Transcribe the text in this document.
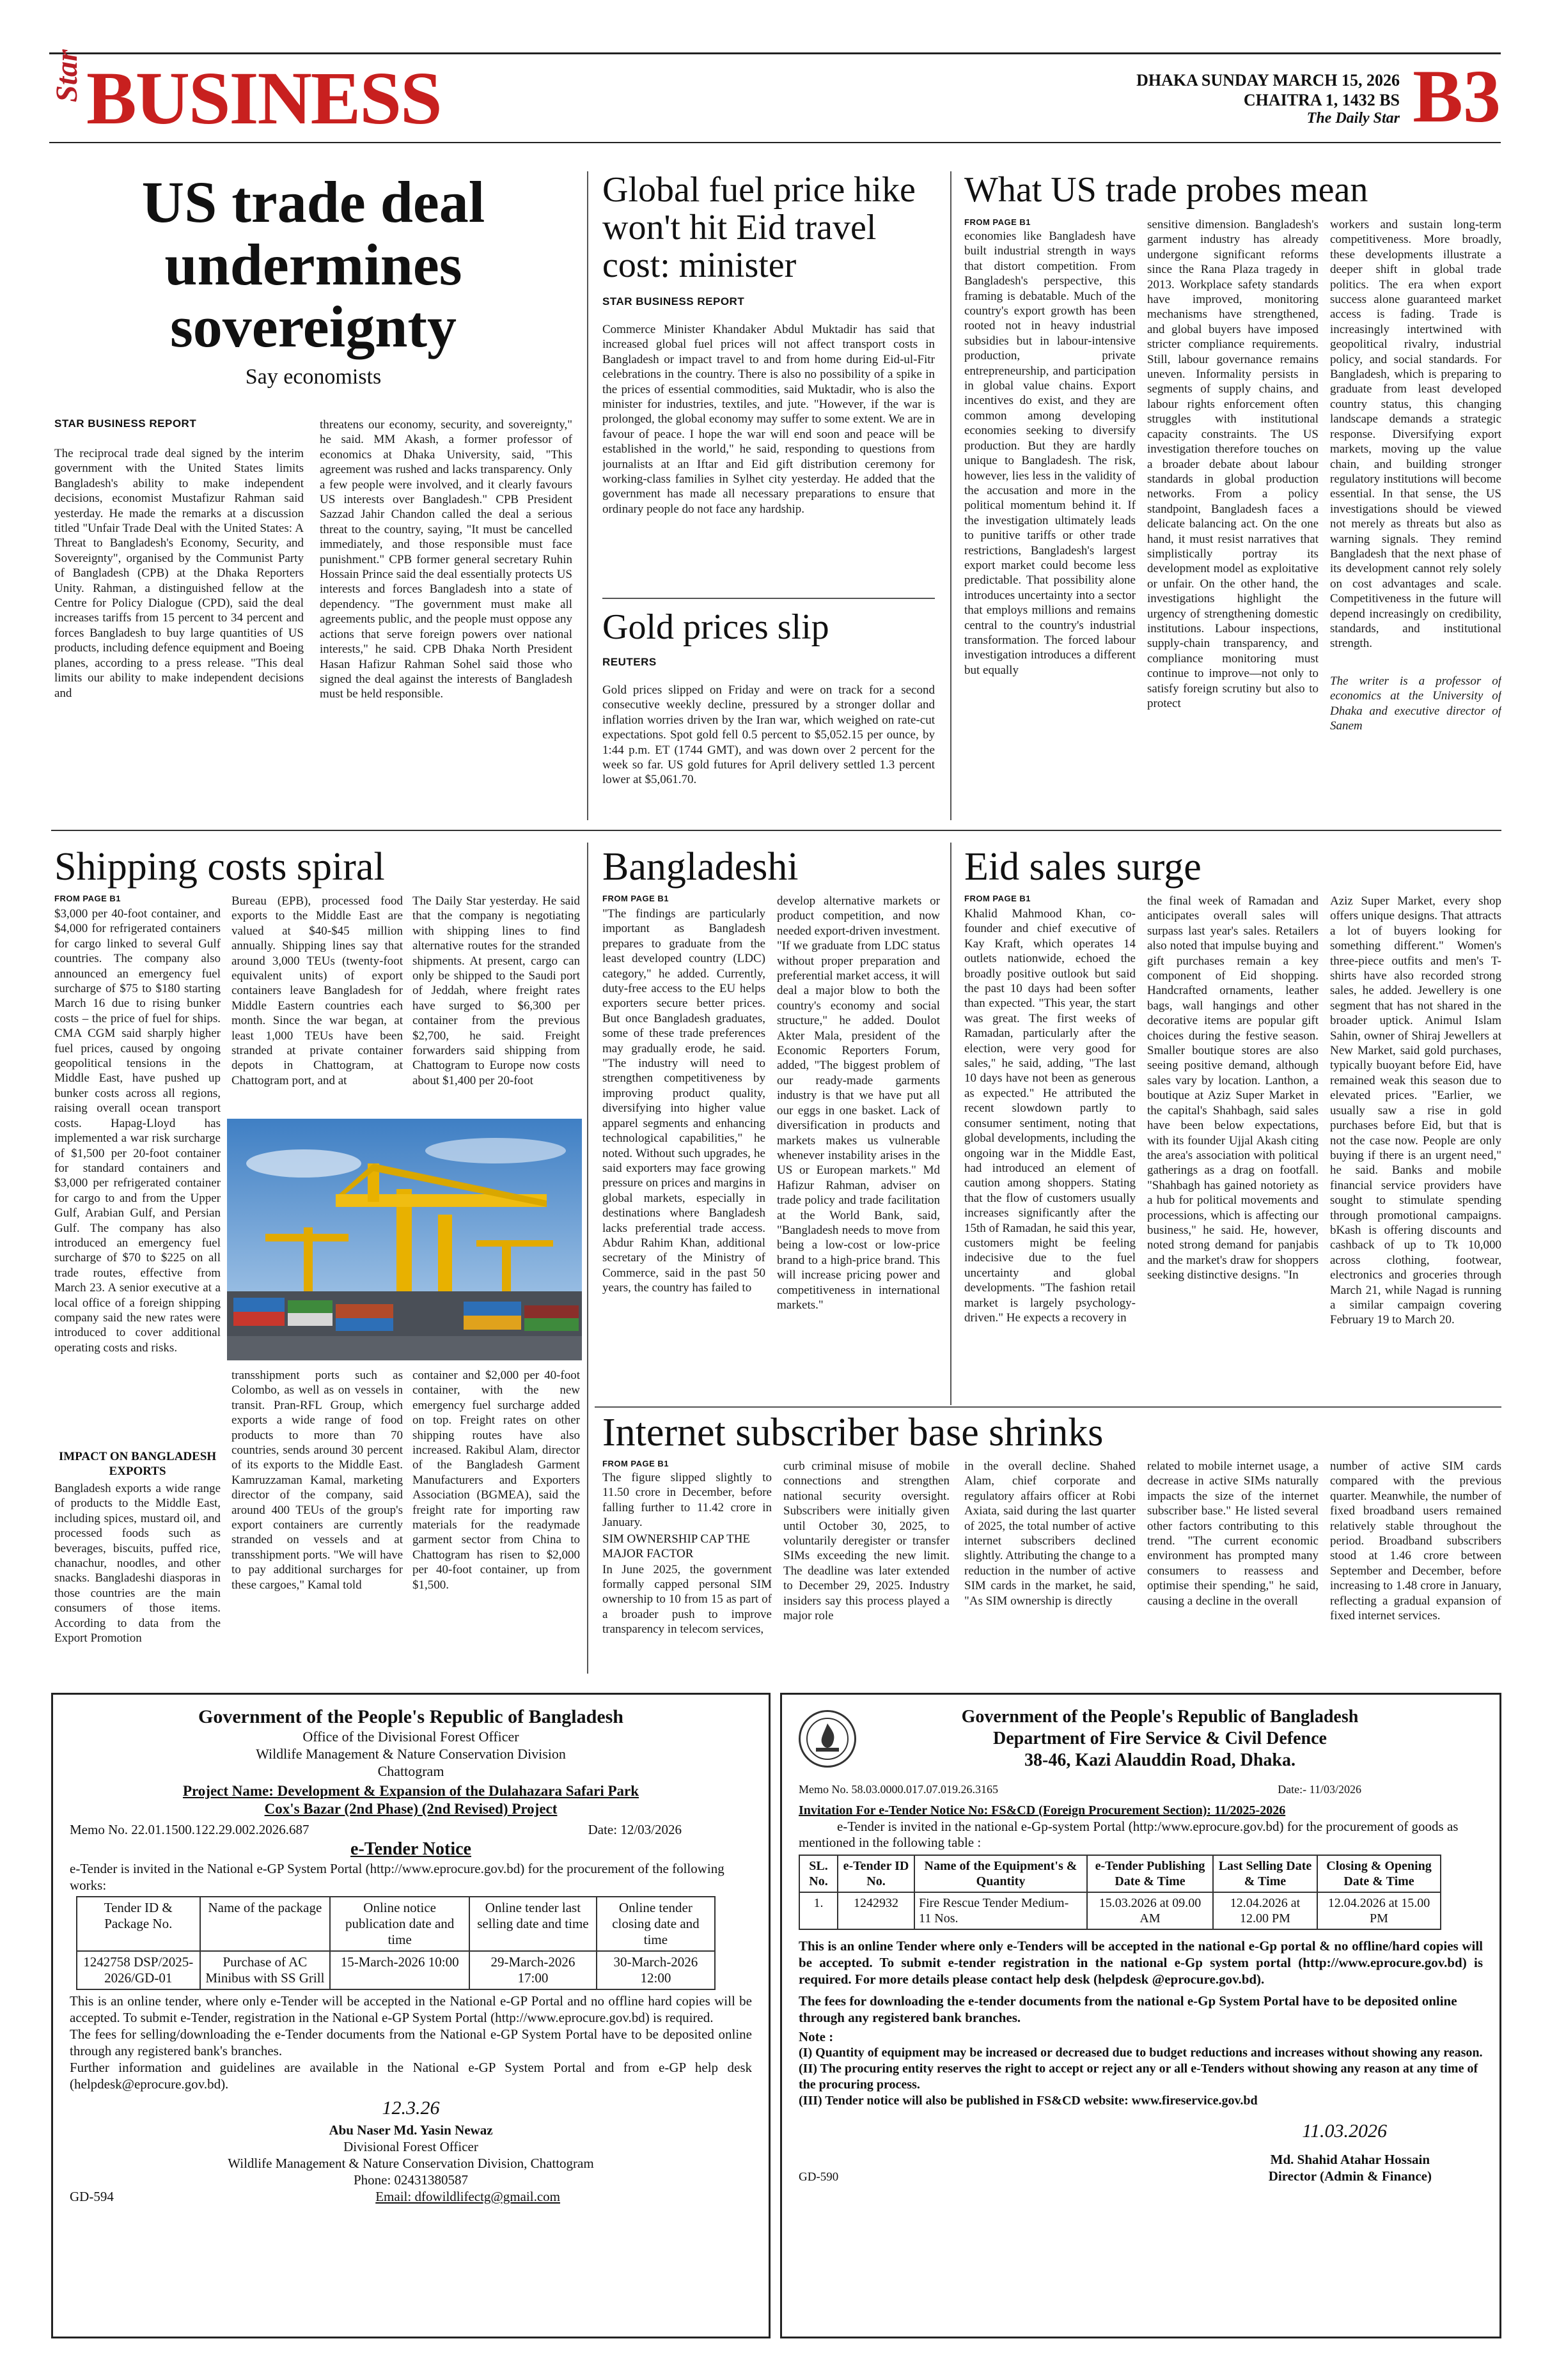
Star BUSINESS	DHAKA SUNDAY MARCH 15, 2026
CHAITRA 1, 1432 BS
The Daily Star B3
US trade deal undermines sovereignty
Say economists
STAR BUSINESS REPORT
The reciprocal trade deal signed by the interim government with the United States limits Bangladesh's ability to make independent decisions, economist Mustafizur Rahman said yesterday. He made the remarks at a discussion titled "Unfair Trade Deal with the United States: A Threat to Bangladesh's Economy, Security, and Sovereignty", organised by the Communist Party of Bangladesh (CPB) at the Dhaka Reporters Unity. Rahman, a distinguished fellow at the Centre for Policy Dialogue (CPD), said the deal increases tariffs from 15 percent to 34 percent and forces Bangladesh to buy large quantities of US products, including defence equipment and Boeing planes, according to a press release. "This deal limits our ability to make independent decisions and
threatens our economy, security, and sovereignty," he said. MM Akash, a former professor of economics at Dhaka University, said, "This agreement was rushed and lacks transparency. Only a few people were involved, and it clearly favours US interests over Bangladesh." CPB President Sazzad Jahir Chandon called the deal a serious threat to the country, saying, "It must be cancelled immediately, and those responsible must face punishment." CPB former general secretary Ruhin Hossain Prince said the deal essentially protects US interests and forces Bangladesh into a state of dependency. "The government must make all agreements public, and the people must oppose any actions that serve foreign powers over national interests," he said. CPB Dhaka North President Hasan Hafizur Rahman Sohel said those who signed the deal against the interests of Bangladesh must be held responsible.
Global fuel price hike won't hit Eid travel cost: minister
STAR BUSINESS REPORT
Commerce Minister Khandaker Abdul Muktadir has said that increased global fuel prices will not affect transport costs in Bangladesh or impact travel to and from home during Eid-ul-Fitr celebrations in the country. There is also no possibility of a spike in the prices of essential commodities, said Muktadir, who is also the minister for industries, textiles, and jute. "However, if the war is prolonged, the global economy may suffer to some extent. We are in favour of peace. I hope the war will end soon and peace will be established in the world," he said, responding to questions from journalists at an Iftar and Eid gift distribution ceremony for working-class families in Sylhet city yesterday. He added that the government has made all necessary preparations to ensure that ordinary people do not face any hardship.
Gold prices slip
REUTERS
Gold prices slipped on Friday and were on track for a second consecutive weekly decline, pressured by a stronger dollar and inflation worries driven by the Iran war, which weighed on rate-cut expectations. Spot gold fell 0.5 percent to $5,052.15 per ounce, by 1:44 p.m. ET (1744 GMT), and was down over 2 percent for the week so far. US gold futures for April delivery settled 1.3 percent lower at $5,061.70.
What US trade probes mean
FROM PAGE B1
economies like Bangladesh have built industrial strength in ways that distort competition. From Bangladesh's perspective, this framing is debatable. Much of the country's export growth has been rooted not in heavy industrial subsidies but in labour-intensive production, private entrepreneurship, and participation in global value chains. Export incentives do exist, and they are common among developing economies seeking to diversify production. But they are hardly unique to Bangladesh. The risk, however, lies less in the validity of the accusation and more in the political momentum behind it. If the investigation ultimately leads to punitive tariffs or other trade restrictions, Bangladesh's largest export market could become less predictable. That possibility alone introduces uncertainty into a sector that employs millions and remains central to the country's industrial transformation. The forced labour investigation introduces a different but equally
sensitive dimension. Bangladesh's garment industry has already undergone significant reforms since the Rana Plaza tragedy in 2013. Workplace safety standards have improved, monitoring mechanisms have strengthened, and global buyers have imposed stricter compliance requirements. Still, labour governance remains uneven. Informality persists in segments of supply chains, and labour rights enforcement often struggles with institutional capacity constraints. The US investigation therefore touches on a broader debate about labour standards in global production networks. From a policy standpoint, Bangladesh faces a delicate balancing act. On the one hand, it must resist narratives that simplistically portray its development model as exploitative or unfair. On the other hand, the investigations highlight the urgency of strengthening domestic institutions. Labour inspections, supply-chain transparency, and compliance monitoring must continue to improve—not only to satisfy foreign scrutiny but also to protect
workers and sustain long-term competitiveness. More broadly, these developments illustrate a deeper shift in global trade politics. The era when export success alone guaranteed market access is fading. Trade is increasingly intertwined with geopolitical rivalry, industrial policy, and social standards. For Bangladesh, which is preparing to graduate from least developed country status, this changing landscape demands a strategic response. Diversifying export markets, moving up the value chain, and building stronger regulatory institutions will become essential. In that sense, the US investigations should be viewed not merely as threats but also as warning signals. They remind Bangladesh that the next phase of its development cannot rely solely on cost advantages and scale. Competitiveness in the future will depend increasingly on credibility, standards, and institutional strength.
The writer is a professor of economics at the University of Dhaka and executive director of Sanem
Shipping costs spiral
FROM PAGE B1
$3,000 per 40-foot container, and $4,000 for refrigerated containers for cargo linked to several Gulf countries. The company also announced an emergency fuel surcharge of $75 to $180 starting March 16 due to rising bunker costs – the price of fuel for ships. CMA CGM said sharply higher fuel prices, caused by ongoing geopolitical tensions in the Middle East, have pushed up bunker costs across all regions, raising overall ocean transport costs. Hapag-Lloyd has implemented a war risk surcharge of $1,500 per 20-foot container for standard containers and $3,000 per refrigerated container for cargo to and from the Upper Gulf, Arabian Gulf, and Persian Gulf. The company has also introduced an emergency fuel surcharge of $70 to $225 on all trade routes, effective from March 23. A senior executive at a local office of a foreign shipping company said the new rates were introduced to cover additional operating costs and risks.
IMPACT ON BANGLADESH EXPORTS
Bangladesh exports a wide range of products to the Middle East, including spices, mustard oil, and processed foods such as beverages, biscuits, puffed rice, chanachur, noodles, and other snacks. Bangladeshi diasporas in those countries are the main consumers of those items. According to data from the Export Promotion
Bureau (EPB), processed food exports to the Middle East are valued at $40-$45 million annually. Shipping lines say that around 3,000 TEUs (twenty-foot equivalent units) of export containers leave Bangladesh for Middle Eastern countries each month. Since the war began, at least 1,000 TEUs have been stranded at private container depots in Chattogram, at Chattogram port, and at
The Daily Star yesterday. He said that the company is negotiating with shipping lines to find alternative routes for the stranded shipments. At present, cargo can only be shipped to the Saudi port of Jeddah, where freight rates have surged to $6,300 per container from the previous $2,700, he said. Freight forwarders said shipping from Chattogram to Europe now costs about $1,400 per 20-foot
transshipment ports such as Colombo, as well as on vessels in transit. Pran-RFL Group, which exports a wide range of food products to more than 70 countries, sends around 30 percent of its exports to the Middle East. Kamruzzaman Kamal, marketing director of the company, said around 400 TEUs of the group's export containers are currently stranded on vessels and at transshipment ports. "We will have to pay additional surcharges for these cargoes," Kamal told
container and $2,000 per 40-foot container, with the new emergency fuel surcharge added on top. Freight rates on other shipping routes have also increased. Rakibul Alam, director of the Bangladesh Garment Manufacturers and Exporters Association (BGMEA), said the freight rate for importing raw materials for the readymade garment sector from China to Chattogram has risen to $2,000 per 40-foot container, up from $1,500.
Bangladeshi
FROM PAGE B1
"The findings are particularly important as Bangladesh prepares to graduate from the least developed country (LDC) category," he added. Currently, duty-free access to the EU helps exporters secure better prices. But once Bangladesh graduates, some of these trade preferences may gradually erode, he said. "The industry will need to strengthen competitiveness by improving product quality, diversifying into higher value apparel segments and enhancing technological capabilities," he noted. Without such upgrades, he said exporters may face growing pressure on prices and margins in global markets, especially in destinations where Bangladesh lacks preferential trade access. Abdur Rahim Khan, additional secretary of the Ministry of Commerce, said in the past 50 years, the country has failed to
develop alternative markets or product competition, and now needed export-driven investment. "If we graduate from LDC status without proper preparation and preferential market access, it will deal a major blow to both the country's economy and social structure," he added. Doulot Akter Mala, president of the Economic Reporters Forum, added, "The biggest problem of our ready-made garments industry is that we have put all our eggs in one basket. Lack of diversification in products and markets makes us vulnerable whenever instability arises in the US or European markets." Md Hafizur Rahman, adviser on trade policy and trade facilitation at the World Bank, said, "Bangladesh needs to move from being a low-cost or low-price brand to a high-price brand. This will increase pricing power and competitiveness in international markets."
Eid sales surge
FROM PAGE B1
Khalid Mahmood Khan, co-founder and chief executive of Kay Kraft, which operates 14 outlets nationwide, echoed the broadly positive outlook but said the past 10 days had been softer than expected. "This year, the start was great. The first weeks of Ramadan, particularly after the election, were very good for sales," he said, adding, "The last 10 days have not been as generous as expected." He attributed the recent slowdown partly to consumer sentiment, noting that global developments, including the ongoing war in the Middle East, had introduced an element of caution among shoppers. Stating that the flow of customers usually increases significantly after the 15th of Ramadan, he said this year, customers might be feeling indecisive due to the fuel uncertainty and global developments. "The fashion retail market is largely psychology-driven." He expects a recovery in
the final week of Ramadan and anticipates overall sales will surpass last year's sales. Retailers also noted that impulse buying and gift purchases remain a key component of Eid shopping. Handcrafted ornaments, leather bags, wall hangings and other decorative items are popular gift choices during the festive season. Smaller boutique stores are also seeing positive demand, although sales vary by location. Lanthon, a boutique at Aziz Super Market in the capital's Shahbagh, said sales have been below expectations, with its founder Ujjal Akash citing the area's association with political gatherings as a drag on footfall. "Shahbagh has gained notoriety as a hub for political movements and processions, which is affecting our business," he said. He, however, noted strong demand for panjabis and the market's draw for shoppers seeking distinctive designs. "In
Aziz Super Market, every shop offers unique designs. That attracts a lot of buyers looking for something different." Women's three-piece outfits and men's T-shirts have also recorded strong sales, he added. Jewellery is one segment that has not shared in the broader uptick. Animul Islam Sahin, owner of Shiraj Jewellers at New Market, said gold purchases, typically buoyant before Eid, have remained weak this season due to elevated prices. "Earlier, we usually saw a rise in gold purchases before Eid, but that is not the case now. People are only buying if there is an urgent need," he said. Banks and mobile financial service providers have sought to stimulate spending through promotional campaigns. bKash is offering discounts and cashback of up to Tk 10,000 across clothing, footwear, electronics and groceries through March 21, while Nagad is running a similar campaign covering February 19 to March 20.
Internet subscriber base shrinks
FROM PAGE B1
The figure slipped slightly to 11.50 crore in December, before falling further to 11.42 crore in January.
SIM OWNERSHIP CAP THE MAJOR FACTOR
In June 2025, the government formally capped personal SIM ownership to 10 from 15 as part of a broader push to improve transparency in telecom services,
curb criminal misuse of mobile connections and strengthen national security oversight. Subscribers were initially given until October 30, 2025, to voluntarily deregister or transfer SIMs exceeding the new limit. The deadline was later extended to December 29, 2025. Industry insiders say this process played a major role
in the overall decline. Shahed Alam, chief corporate and regulatory affairs officer at Robi Axiata, said during the last quarter of 2025, the total number of active internet subscribers declined slightly. Attributing the change to a reduction in the number of active SIM cards in the market, he said, "As SIM ownership is directly
related to mobile internet usage, a decrease in active SIMs naturally impacts the size of the internet subscriber base." He listed several other factors contributing to this trend. "The current economic environment has prompted many consumers to reassess and optimise their spending," he said, causing a decline in the overall
number of active SIM cards compared with the previous quarter. Meanwhile, the number of fixed broadband users remained relatively stable throughout the period. Broadband subscribers stood at 1.46 crore between September and December, before increasing to 1.48 crore in January, reflecting a gradual expansion of fixed internet services.
Government of the People's Republic of Bangladesh
Office of the Divisional Forest Officer
Wildlife Management & Nature Conservation Division
Chattogram
Project Name: Development & Expansion of the Dulahazara Safari Park
Cox's Bazar (2nd Phase) (2nd Revised) Project
Memo No. 22.01.1500.122.29.002.2026.687	Date: 12/03/2026
e-Tender Notice
e-Tender is invited in the National e-GP System Portal (http://www.eprocure.gov.bd) for the procurement of the following works:
Tender ID & Package No.	Name of the package	Online notice publication date and time	Online tender last selling date and time	Online tender closing date and time
1242758 DSP/2025-2026/GD-01	Purchase of AC Minibus with SS Grill	15-March-2026 10:00	29-March-2026 17:00	30-March-2026 12:00
This is an online tender, where only e-Tender will be accepted in the National e-GP Portal and no offline hard copies will be accepted. To submit e-Tender, registration in the National e-GP System Portal (http://www.eprocure.gov.bd) is required.
The fees for selling/downloading the e-Tender documents from the National e-GP System Portal have to be deposited online through any registered bank's branches.
Further information and guidelines are available in the National e-GP System Portal and from e-GP help desk (helpdesk@eprocure.gov.bd).
12.3.26
Abu Naser Md. Yasin Newaz
Divisional Forest Officer
Wildlife Management & Nature Conservation Division, Chattogram
Phone: 02431380587
GD-594	Email: dfowildlifectg@gmail.com
Government of the People's Republic of Bangladesh
Department of Fire Service & Civil Defence
38-46, Kazi Alauddin Road, Dhaka.
Memo No. 58.03.0000.017.07.019.26.3165	Date:- 11/03/2026
Invitation For e-Tender Notice No: FS&CD (Foreign Procurement Section): 11/2025-2026
e-Tender is invited in the national e-Gp-system Portal (http:/www.eprocure.gov.bd) for the procurement of goods as mentioned in the following table :
SL. No.	e-Tender ID No.	Name of the Equipment's & Quantity	e-Tender Publishing Date & Time	Last Selling Date & Time	Closing & Opening Date & Time
1.	1242932	Fire Rescue Tender Medium- 11 Nos.	15.03.2026 at 09.00 AM	12.04.2026 at 12.00 PM	12.04.2026 at 15.00 PM
This is an online Tender where only e-Tenders will be accepted in the national e-Gp portal & no offline/hard copies will be accepted. To submit e-tender registration in the national e-Gp system portal (http://www.eprocure.gov.bd) is required. For more details please contact help desk (helpdesk @eprocure.gov.bd).
The fees for downloading the e-tender documents from the national e-Gp System Portal have to be deposited online through any registered bank branches.
Note :
(I) Quantity of equipment may be increased or decreased due to budget reductions and increases without showing any reason.
(II) The procuring entity reserves the right to accept or reject any or all e-Tenders without showing any reason at any time of the procuring process.
(III) Tender notice will also be published in FS&CD website: www.fireservice.gov.bd
11.03.2026
GD-590
Md. Shahid Atahar Hossain
Director (Admin & Finance)
